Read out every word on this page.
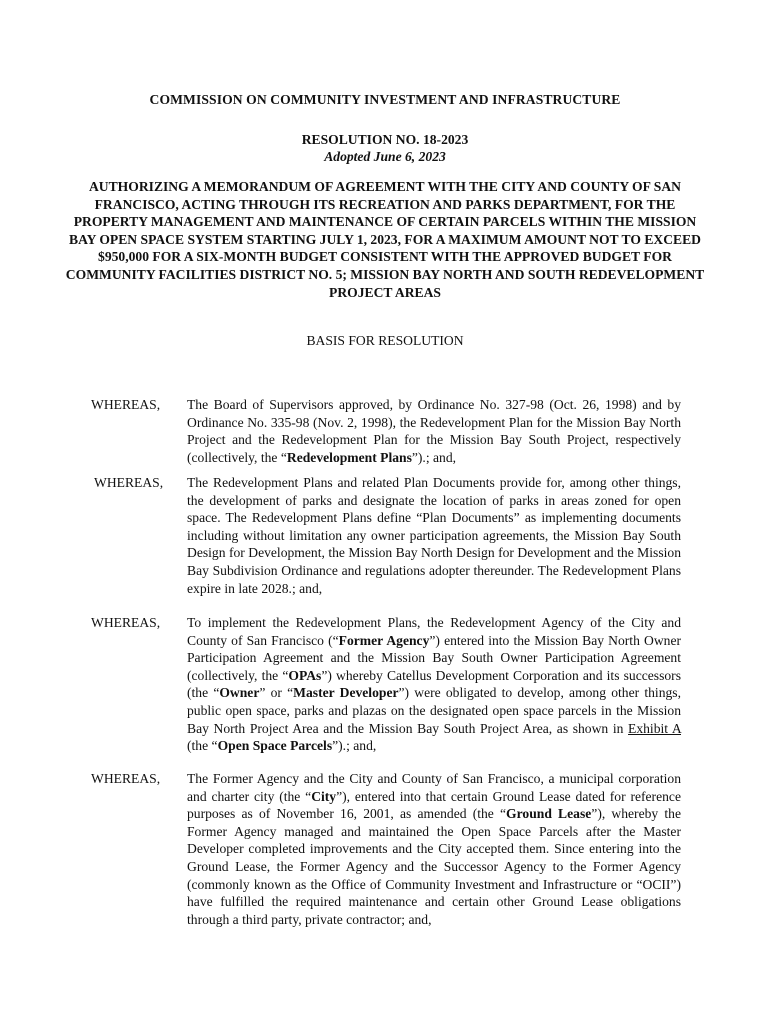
COMMISSION ON COMMUNITY INVESTMENT AND INFRASTRUCTURE
RESOLUTION NO. 18-2023
Adopted June 6, 2023
AUTHORIZING A MEMORANDUM OF AGREEMENT WITH THE CITY AND COUNTY OF SAN FRANCISCO, ACTING THROUGH ITS RECREATION AND PARKS DEPARTMENT, FOR THE PROPERTY MANAGEMENT AND MAINTENANCE OF CERTAIN PARCELS WITHIN THE MISSION BAY OPEN SPACE SYSTEM STARTING JULY 1, 2023, FOR A MAXIMUM AMOUNT NOT TO EXCEED $950,000 FOR A SIX-MONTH BUDGET CONSISTENT WITH THE APPROVED BUDGET FOR COMMUNITY FACILITIES DISTRICT NO. 5; MISSION BAY NORTH AND SOUTH REDEVELOPMENT PROJECT AREAS
BASIS FOR RESOLUTION
WHEREAS, The Board of Supervisors approved, by Ordinance No. 327-98 (Oct. 26, 1998) and by Ordinance No. 335-98 (Nov. 2, 1998), the Redevelopment Plan for the Mission Bay North Project and the Redevelopment Plan for the Mission Bay South Project, respectively (collectively, the “Redevelopment Plans”).; and,
WHEREAS, The Redevelopment Plans and related Plan Documents provide for, among other things, the development of parks and designate the location of parks in areas zoned for open space. The Redevelopment Plans define “Plan Documents” as implementing documents including without limitation any owner participation agreements, the Mission Bay South Design for Development, the Mission Bay North Design for Development and the Mission Bay Subdivision Ordinance and regulations adopter thereunder. The Redevelopment Plans expire in late 2028.; and,
WHEREAS, To implement the Redevelopment Plans, the Redevelopment Agency of the City and County of San Francisco (“Former Agency”) entered into the Mission Bay North Owner Participation Agreement and the Mission Bay South Owner Participation Agreement (collectively, the “OPAs”) whereby Catellus Development Corporation and its successors (the “Owner” or “Master Developer”) were obligated to develop, among other things, public open space, parks and plazas on the designated open space parcels in the Mission Bay North Project Area and the Mission Bay South Project Area, as shown in Exhibit A (the “Open Space Parcels”).; and,
WHEREAS, The Former Agency and the City and County of San Francisco, a municipal corporation and charter city (the “City”), entered into that certain Ground Lease dated for reference purposes as of November 16, 2001, as amended (the “Ground Lease”), whereby the Former Agency managed and maintained the Open Space Parcels after the Master Developer completed improvements and the City accepted them. Since entering into the Ground Lease, the Former Agency and the Successor Agency to the Former Agency (commonly known as the Office of Community Investment and Infrastructure or “OCII”) have fulfilled the required maintenance and certain other Ground Lease obligations through a third party, private contractor; and,
